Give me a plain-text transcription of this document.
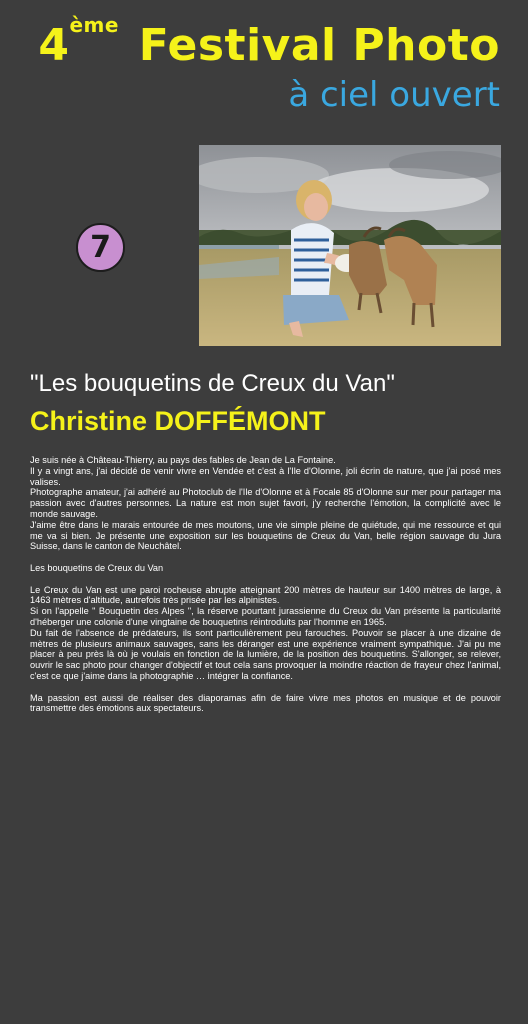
4ème Festival Photo
à ciel ouvert
7
"Les bouquetins de Creux du Van"
Christine DOFFÉMONT

Je suis née à Château-Thierry, au pays des fables de Jean de La Fontaine.

Il y a vingt ans, j'ai décidé de venir vivre en Vendée et c'est à l'Ile d'Olonne, joli écrin de nature, que j'ai posé mes valises.

Photographe amateur, j'ai adhéré au Photoclub de l'Ile d'Olonne et à Focale 85 d'Olonne sur mer pour partager ma passion avec d'autres personnes. La nature est mon sujet favori, j'y recherche l'émotion, la complicité avec le monde sauvage.

J'aime être dans le marais entourée de mes moutons, une vie simple pleine de quiétude, qui me ressource et qui me va si bien. Je présente une exposition sur les bouquetins de Creux du Van, belle région sauvage du Jura Suisse, dans le canton de Neuchâtel.

Les bouquetins de Creux du Van

Le Creux du Van est une paroi rocheuse abrupte atteignant 200 mètres de hauteur sur 1400 mètres de large, à 1463 mètres d'altitude, autrefois très prisée par les alpinistes.

Si on l'appelle " Bouquetin des Alpes ", la réserve pourtant jurassienne du Creux du Van présente la particularité d'héberger une colonie d'une vingtaine de bouquetins réintroduits par l'homme en 1965.

Du fait de l'absence de prédateurs, ils sont particulièrement peu farouches. Pouvoir se placer à une dizaine de mètres de plusieurs animaux sauvages, sans les déranger est une expérience vraiment sympathique. J'ai pu me placer à peu près là où je voulais en fonction de la lumière, de la position des bouquetins. S'allonger, se relever, ouvrir le sac photo pour changer d'objectif et tout cela sans provoquer la moindre réaction de frayeur chez l'animal, c'est ce que j'aime dans la photographie … intégrer la confiance.

Ma passion est aussi de réaliser des diaporamas afin de faire vivre mes photos en musique et de pouvoir transmettre des émotions aux spectateurs.
